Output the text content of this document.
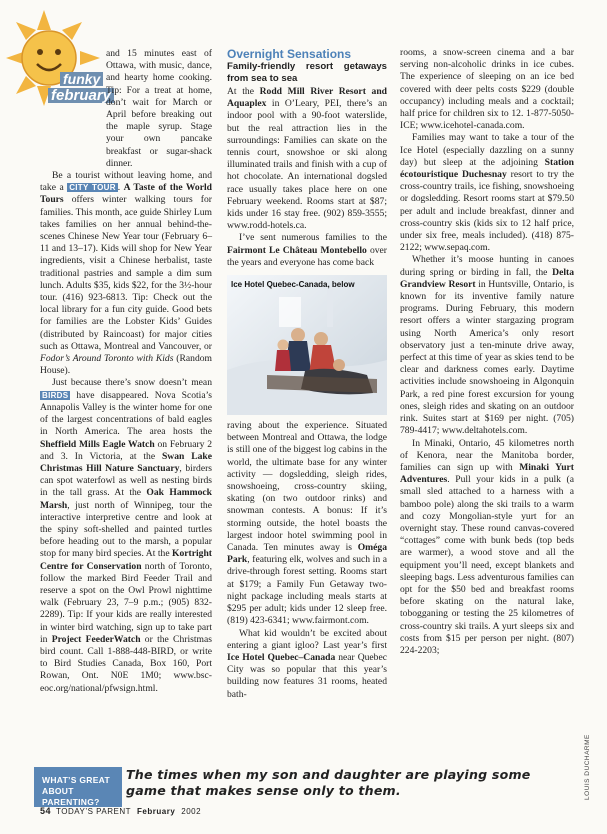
funky
february

and 15 minutes east of Ottawa, with music, dance, and hearty home cooking. Tip: For a treat at home, don’t wait for March or April before breaking out the maple syrup. Stage your own pancake breakfast or sugar-shack dinner.

Be a tourist without leaving home, and take a CITY TOUR . A Taste of the World Tours offers winter walking tours for families. This month, ace guide Shirley Lum takes families on her annual behind-the-scenes Chinese New Year tour (February 6–11 and 13–17). Kids will shop for New Year ingredients, visit a Chinese herbalist, taste traditional pastries and sample a dim sum lunch. Adults $35, kids $22, for the 3½-hour tour. (416) 923-6813. Tip: Check out the local library for a fun city guide. Good bets for families are the Lobster Kids’ Guides (distributed by Raincoast) for major cities such as Ottawa, Montreal and Vancouver, or Fodor’s Around Toronto with Kids (Random House).

Just because there’s snow doesn’t mean BIRDS have disappeared. Nova Scotia’s Annapolis Valley is the winter home for one of the largest concentrations of bald eagles in North America. The area hosts the Sheffield Mills Eagle Watch on February 2 and 3. In Victoria, at the Swan Lake Christmas Hill Nature Sanctuary, birders can spot waterfowl as well as nesting birds in the tall grass. At the Oak Hammock Marsh, just north of Winnipeg, tour the interactive interpretive centre and look at the spiny soft-shelled and painted turtles before heading out to the marsh, a popular stop for many bird species. At the Kortright Centre for Conservation north of Toronto, follow the marked Bird Feeder Trail and reserve a spot on the Owl Prowl nighttime walk (February 23, 7–9 p.m.; (905) 832-2289). Tip: If your kids are really interested in winter bird watching, sign up to take part in Project FeederWatch or the Christmas bird count. Call 1-888-448-BIRD, or write to Bird Studies Canada, Box 160, Port Rowan, Ont. N0E 1M0; www.bsc-eoc.org/national/pfwsign.html.

Overnight Sensations
Family-friendly resort getaways from sea to sea

At the Rodd Mill River Resort and Aquaplex in O’Leary, PEI, there’s an indoor pool with a 90-foot waterslide, but the real attraction lies in the surroundings: Families can skate on the tennis court, snowshoe or ski along illuminated trails and finish with a cup of hot chocolate. An international dogsled race usually takes place here on one February weekend. Rooms start at $87; kids under 16 stay free. (902) 859-3555; www.rodd-hotels.ca.

I’ve sent numerous families to the Fairmont Le Château Montebello over the years and everyone has come back

Ice Hotel Quebec-Canada, below

raving about the experience. Situated between Montreal and Ottawa, the lodge is still one of the biggest log cabins in the world, the ultimate base for any winter activity — dogsledding, sleigh rides, snowshoeing, cross-country skiing, skating (on two outdoor rinks) and snowman contests. A bonus: If it’s storming outside, the hotel boasts the largest indoor hotel swimming pool in Canada. Ten minutes away is Oméga Park, featuring elk, wolves and such in a drive-through forest setting. Rooms start at $179; a Family Fun Getaway two-night package including meals starts at $295 per adult; kids under 12 sleep free. (819) 423-6341; www.fairmont.com.

What kid wouldn’t be excited about entering a giant igloo? Last year’s first Ice Hotel Quebec–Canada near Quebec City was so popular that this year’s building now features 31 rooms, heated bath-

rooms, a snow-screen cinema and a bar serving non-alcoholic drinks in ice cubes. The experience of sleeping on an ice bed covered with deer pelts costs $229 (double occupancy) including meals and a cocktail; half price for children six to 12. 1-877-5050-ICE; www.icehotel-canada.com.

Families may want to take a tour of the Ice Hotel (especially dazzling on a sunny day) but sleep at the adjoining Station écotouristique Duchesnay resort to try the cross-country trails, ice fishing, snowshoeing or dogsledding. Resort rooms start at $79.50 per adult and include breakfast, dinner and cross-country skis (kids six to 12 half price, under six free, meals included). (418) 875-2122; www.sepaq.com.

Whether it’s moose hunting in canoes during spring or birding in fall, the Delta Grandview Resort in Huntsville, Ontario, is known for its inventive family nature programs. During February, this modern resort offers a winter stargazing program using North America’s only resort observatory just a ten-minute drive away, perfect at this time of year as skies tend to be clear and darkness comes early. Daytime activities include snowshoeing in Algonquin Park, a red pine forest excursion for young ones, sleigh rides and skating on an outdoor rink. Suites start at $169 per night. (705) 789-4417; www.deltahotels.com.

In Minaki, Ontario, 45 kilometres north of Kenora, near the Manitoba border, families can sign up with Minaki Yurt Adventures. Pull your kids in a pulk (a small sled attached to a harness with a bamboo pole) along the ski trails to a warm and cozy Mongolian-style yurt for an overnight stay. These round canvas-covered “cottages” come with bunk beds (top beds are warmer), a wood stove and all the equipment you’ll need, except blankets and sleeping bags. Less adventurous families can opt for the $50 bed and breakfast rooms before skating on the natural lake, tobogganing or testing the 25 kilometres of cross-country ski trails. A yurt sleeps six and costs from $15 per person per night. (807) 224-2203;

LOUIS DUCHARME
WHAT’S GREAT
ABOUT PARENTING?
The times when my son and daughter are playing some game that makes sense only to them.
54 TODAY’S PARENT February 2002
